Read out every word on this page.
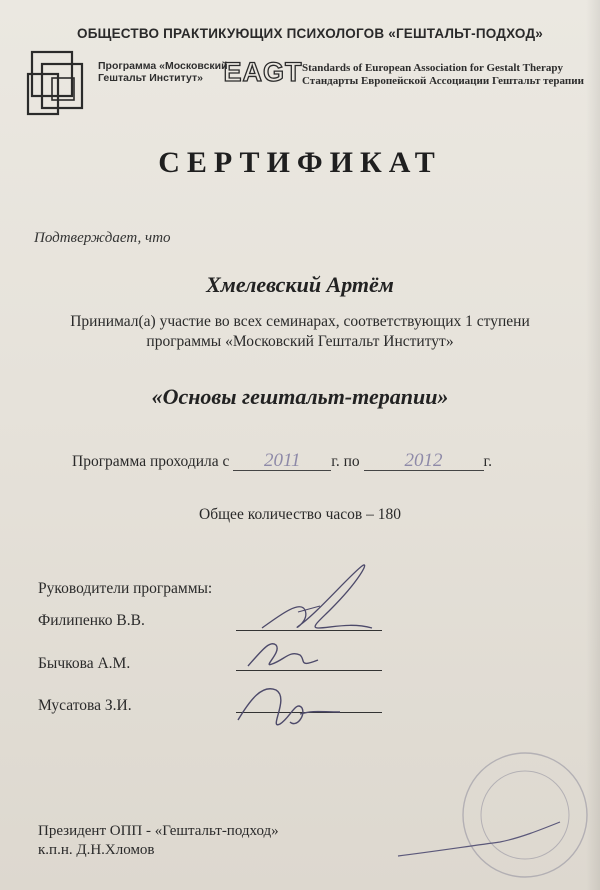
ОБЩЕСТВО ПРАКТИКУЮЩИХ ПСИХОЛОГОВ «ГЕШТАЛЬТ-ПОДХОД»
Программа «Московский
Гештальт Институт» EAGT Standards of European Association for Gestalt Therapy
Стандарты Европейской Ассоциации Гештальт терапии
СЕРТИФИКАТ
Подтверждает, что
Хмелевский Артём
Принимал(а) участие во всех семинарах, соответствующих 1 ступени
программы «Московский Гештальт Институт»
«Основы гештальт-терапии»
Программа проходила с 2011 г. по 2012	г.
Общее количество часов – 180
Руководители программы:
Филипенко В.В.
Бычкова А.М.
Мусатова З.И.
Президент ОПП - «Гештальт-подход»
к.п.н. Д.Н.Хломов
